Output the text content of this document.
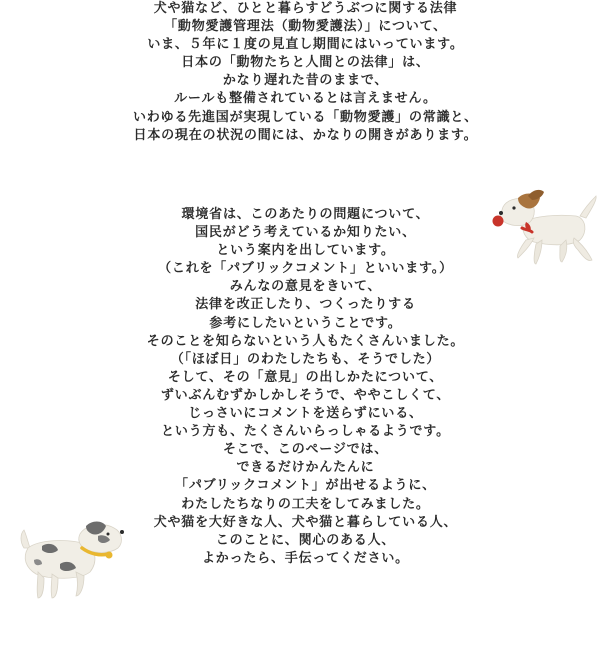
犬や猫など、ひとと暮らすどうぶつに関する法律
「動物愛護管理法（動物愛護法）」について、
いま、５年に１度の見直し期間にはいっています。
日本の「動物たちと人間との法律」は、
かなり遅れた昔のままで、
ルールも整備されているとは言えません。
いわゆる先進国が実現している「動物愛護」の常識と、
日本の現在の状況の間には、かなりの開きがあります。
環境省は、このあたりの問題について、
国民がどう考えているか知りたい、
という案内を出しています。
（これを「パブリックコメント」といいます。）
みんなの意見をきいて、
法律を改正したり、つくったりする
参考にしたいということです。
そのことを知らないという人もたくさんいました。
（「ほぼ日」のわたしたちも、そうでした）
そして、その「意見」の出しかたについて、
ずいぶんむずかしかしそうで、ややこしくて、
じっさいにコメントを送らずにいる、
という方も、たくさんいらっしゃるようです。
そこで、このページでは、
できるだけかんたんに
「パブリックコメント」が出せるように、
わたしたちなりの工夫をしてみました。
犬や猫を大好きな人、犬や猫と暮らしている人、
このことに、関心のある人、
よかったら、手伝ってください。
